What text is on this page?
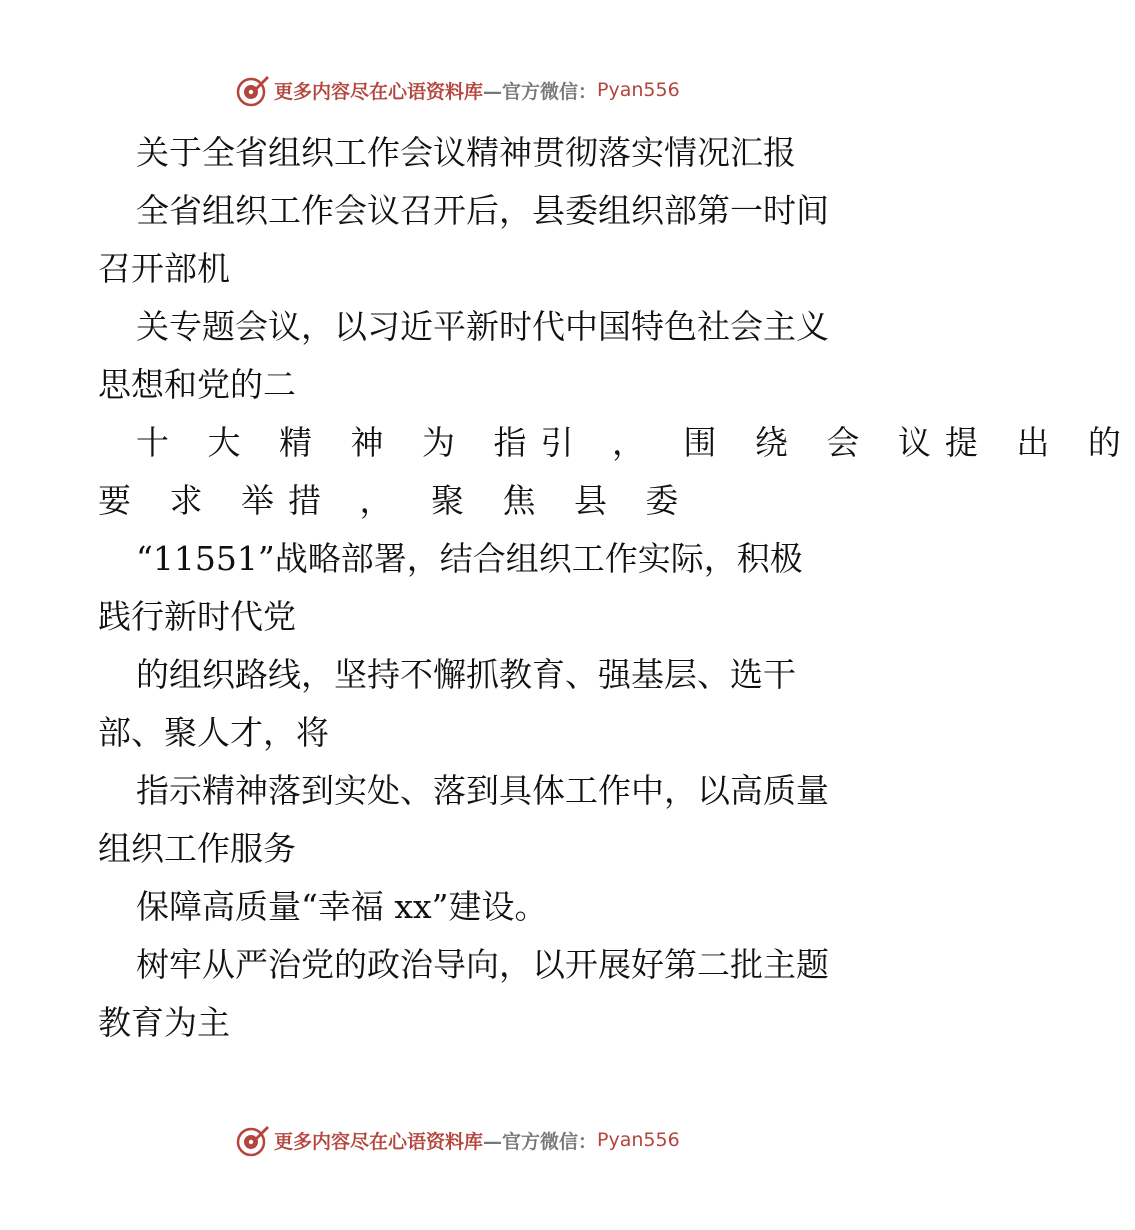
更多内容尽在心语资料库 —官方微信： Pyan556
关于全省组织工作会议精神贯彻落实情况汇报
全省组织工作会议召开后，县委组织部第一时间
召开部机
关专题会议，以习近平新时代中国特色社会主义
思想和党的二
十 大 精 神 为 指引 ， 围 绕 会 议提 出 的
要 求 举措 ， 聚 焦 县 委
“11551”战略部署，结合组织工作实际，积极
践行新时代党
的组织路线，坚持不懈抓教育、强基层、选干
部、聚人才，将
指示精神落到实处、落到具体工作中，以高质量
组织工作服务
保障高质量“幸福 xx”建设。
树牢从严治党的政治导向，以开展好第二批主题
教育为主
更多内容尽在心语资料库 —官方微信： Pyan556
